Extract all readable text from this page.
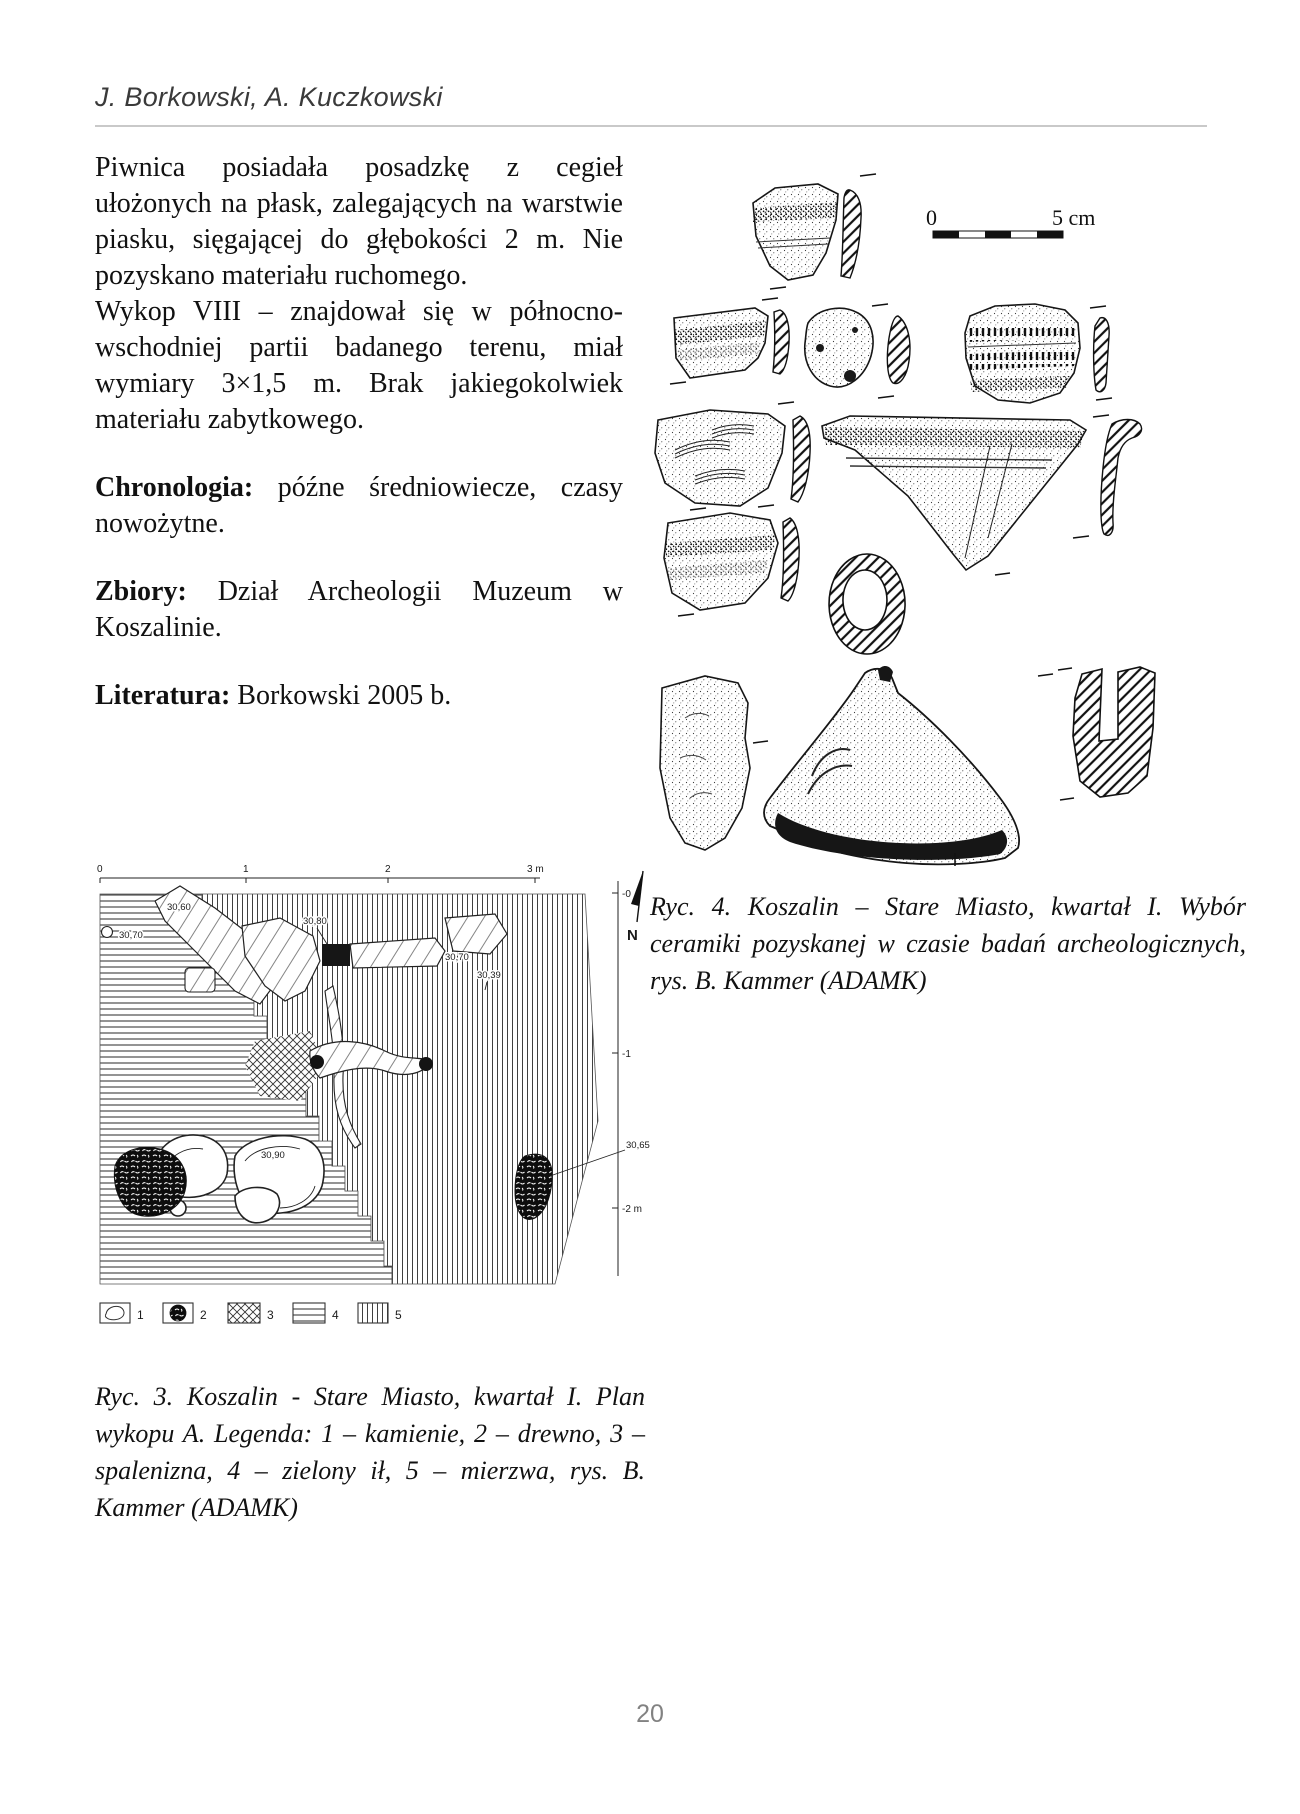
J. Borkowski, A. Kuczkowski

Piwnica posiadała posadzkę z cegieł ułożonych na płask, zalegających na warstwie piasku, sięgającej do głębokości 2 m. Nie pozyskano materiału ruchomego.

Wykop VIII – znajdował się w północno-wschodniej partii badanego terenu, miał wymiary 3×1,5 m. Brak jakiegokolwiek materiału zabytkowego.

Chronologia: późne średniowiecze, czasy nowożytne.

Zbiory: Dział Archeologii Muzeum w Koszalinie.

Literatura: Borkowski 2005 b.

0	5 cm
Ryc. 4. Koszalin – Stare Miasto, kwartał I. Wybór ceramiki pozyskanej w czasie badań archeologicznych, rys. B. Kammer (ADAMK)
0	1	2	3 m
30,60
30,70
30,80
30,70
30,39
30,90
30,65
-0
-1
-2 m
N
1	2	3	4	5
Ryc. 3. Koszalin - Stare Miasto, kwartał I. Plan wykopu A. Legenda: 1 – kamienie, 2 – drewno, 3 – spalenizna, 4 – zielony ił, 5 – mierzwa, rys. B. Kammer (ADAMK)
20
